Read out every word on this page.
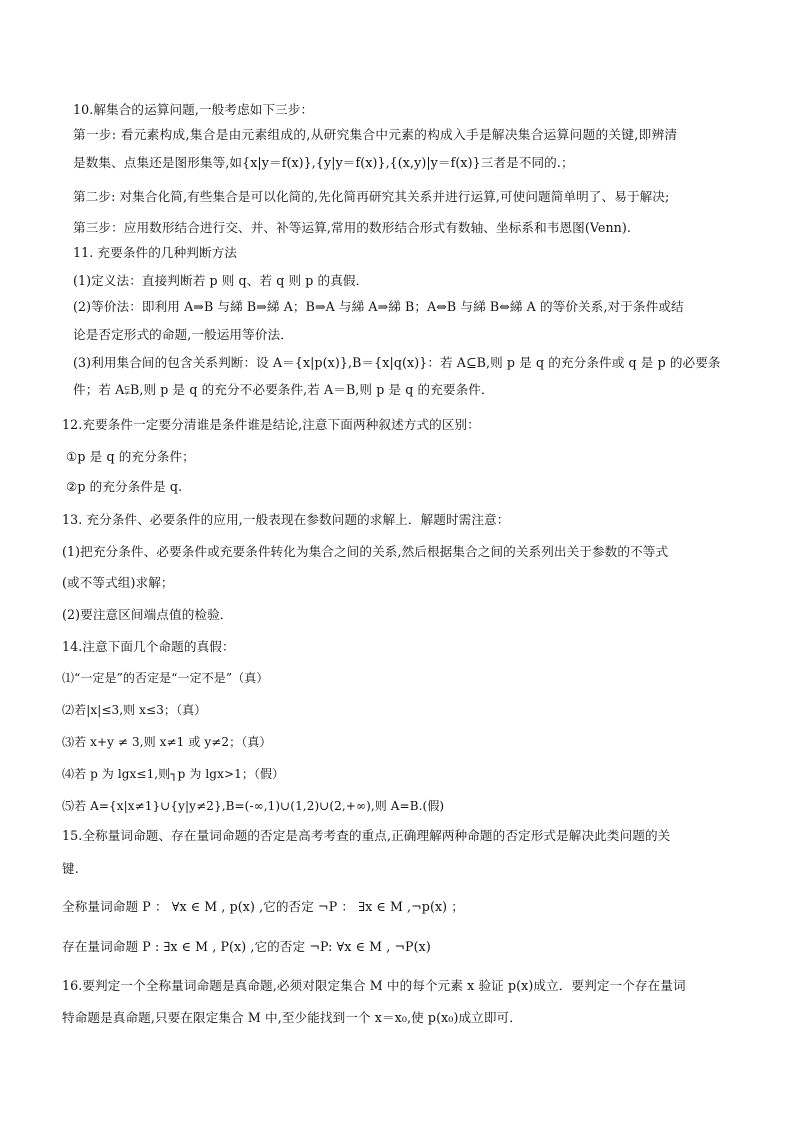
10.解集合的运算问题,一般考虑如下三步：
第一步: 看元素构成,集合是由元素组成的,从研究集合中元素的构成入手是解决集合运算问题的关键,即辨清
是数集、点集还是图形集等,如{x|y＝f(x)},{y|y＝f(x)},{(x,y)|y＝f(x)}三者是不同的.；
第二步: 对集合化简,有些集合是可以化简的,先化简再研究其关系并进行运算,可使问题简单明了、易于解决;
第三步：应用数形结合进行交、并、补等运算,常用的数形结合形式有数轴、坐标系和韦恩图(Venn).
11. 充要条件的几种判断方法
(1)定义法：直接判断若 p 则 q、若 q 则 p 的真假．
(2)等价法：即利用 A⇒B 与綈 B⇒綈 A；B⇒A 与綈 A⇒綈 B；A⇔B 与綈 B⇔綈 A 的等价关系,对于条件或结
论是否定形式的命题,一般运用等价法．
(3)利用集合间的包含关系判断：设 A＝{x|p(x)},B＝{x|q(x)}：若 A⊆B,则 p 是 q 的充分条件或 q 是 p 的必要条
件；若 A⫋B,则 p 是 q 的充分不必要条件,若 A＝B,则 p 是 q 的充要条件．
12.充要条件一定要分清谁是条件谁是结论,注意下面两种叙述方式的区别：
①p 是 q 的充分条件；
②p 的充分条件是 q.
13. 充分条件、必要条件的应用,一般表现在参数问题的求解上．解题时需注意：
(1)把充分条件、必要条件或充要条件转化为集合之间的关系,然后根据集合之间的关系列出关于参数的不等式
(或不等式组)求解；
(2)要注意区间端点值的检验．
14.注意下面几个命题的真假：
⑴“一定是”的否定是“一定不是”（真）
⑵若|x|≤3,则 x≤3；（真）
⑶若 x+y ≠ 3,则 x≠1 或 y≠2；（真）
⑷若 p 为 lgx≤1,则┐p 为 lgx>1；（假）
⑸若 A={x|x≠1}∪{y|y≠2},B=(-∞,1)∪(1,2)∪(2,+∞),则 A=B.(假)
15.全称量词命题、存在量词命题的否定是高考考查的重点,正确理解两种命题的否定形式是解决此类问题的关
键.
全称量词命题 P ： ∀x ∈ M , p(x) ,它的否定 ¬P ： ∃x ∈ M ,¬p(x) ；
存在量词命题 P : ∃x ∈ M , P(x) ,它的否定 ¬P: ∀x ∈ M , ¬P(x)
16.要判定一个全称量词命题是真命题,必须对限定集合 M 中的每个元素 x 验证 p(x)成立．要判定一个存在量词
特命题是真命题,只要在限定集合 M 中,至少能找到一个 x＝x₀,使 p(x₀)成立即可．
